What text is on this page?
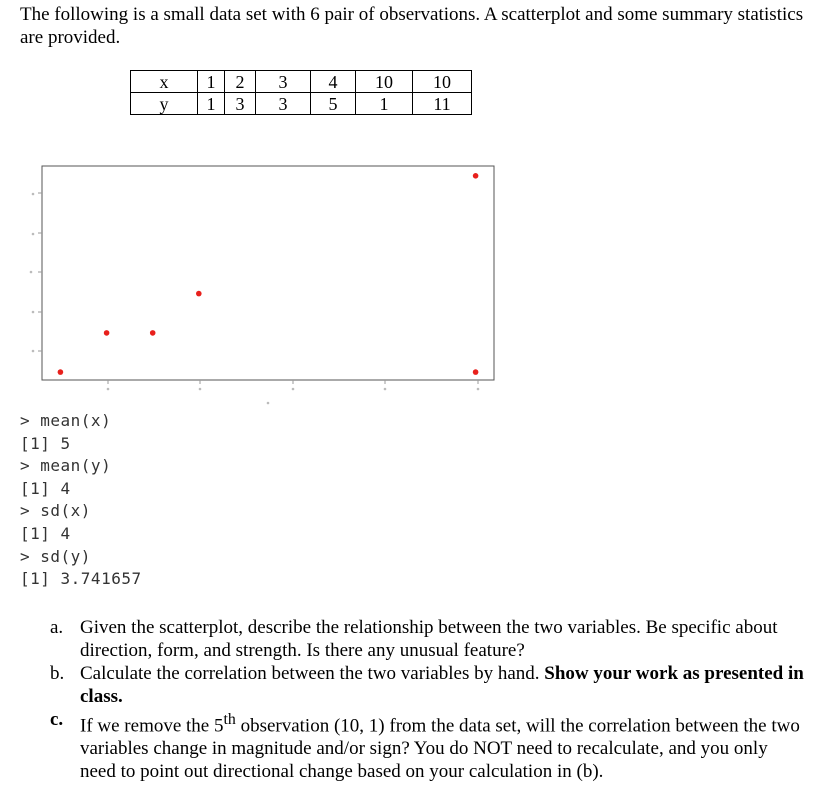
The following is a small data set with 6 pair of observations. A scatterplot and some summary statistics are provided.
x	1	2	3	4	10	10
y	1	3	3	5	1	11
> mean(x)
[1] 5
> mean(y)
[1] 4
> sd(x)
[1] 4
> sd(y)
[1] 3.741657
a. Given the scatterplot, describe the relationship between the two variables. Be specific about direction, form, and strength. Is there any unusual feature?
b. Calculate the correlation between the two variables by hand. Show your work as presented in class.
c. If we remove the 5th observation (10, 1) from the data set, will the correlation between the two variables change in magnitude and/or sign? You do NOT need to recalculate, and you only need to point out directional change based on your calculation in (b).
